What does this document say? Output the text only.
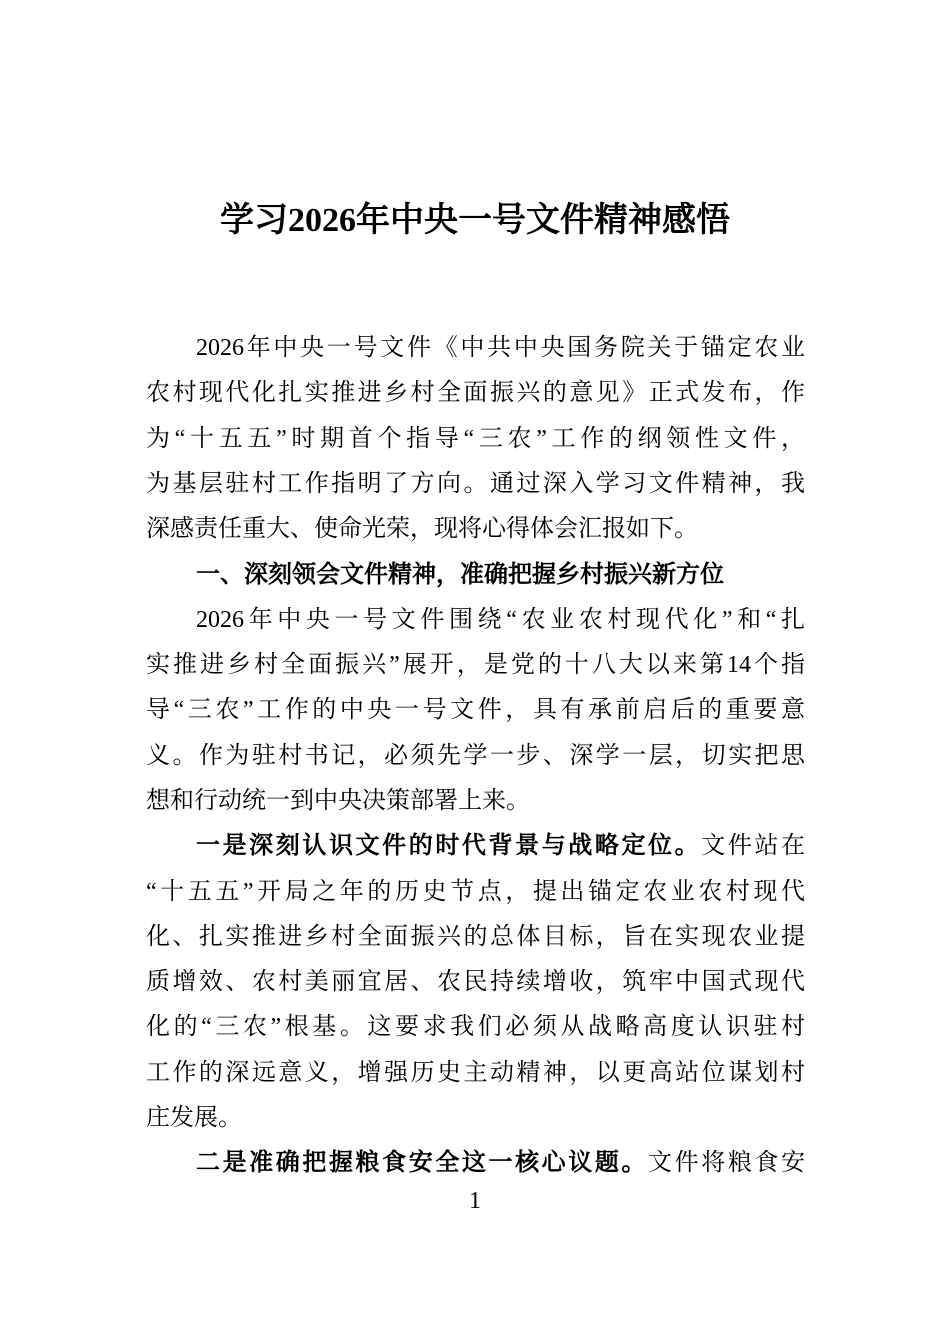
学习2026年中央一号文件精神感悟
2026年中央一号文件《中共中央国务院关于锚定农业
农村现代化扎实推进乡村全面振兴的意见》正式发布，作
为“十五五”时期首个指导“三农”工作的纲领性文件，
为基层驻村工作指明了方向。通过深入学习文件精神，我
深感责任重大、使命光荣，现将心得体会汇报如下。
一、深刻领会文件精神，准确把握乡村振兴新方位
2026年中央一号文件围绕“农业农村现代化”和“扎
实推进乡村全面振兴”展开，是党的十八大以来第14个指
导“三农”工作的中央一号文件，具有承前启后的重要意
义。作为驻村书记，必须先学一步、深学一层，切实把思
想和行动统一到中央决策部署上来。
一是深刻认识文件的时代背景与战略定位。文件站在
“十五五”开局之年的历史节点，提出锚定农业农村现代
化、扎实推进乡村全面振兴的总体目标，旨在实现农业提
质增效、农村美丽宜居、农民持续增收，筑牢中国式现代
化的“三农”根基。这要求我们必须从战略高度认识驻村
工作的深远意义，增强历史主动精神，以更高站位谋划村
庄发展。
二是准确把握粮食安全这一核心议题。文件将粮食安
1
